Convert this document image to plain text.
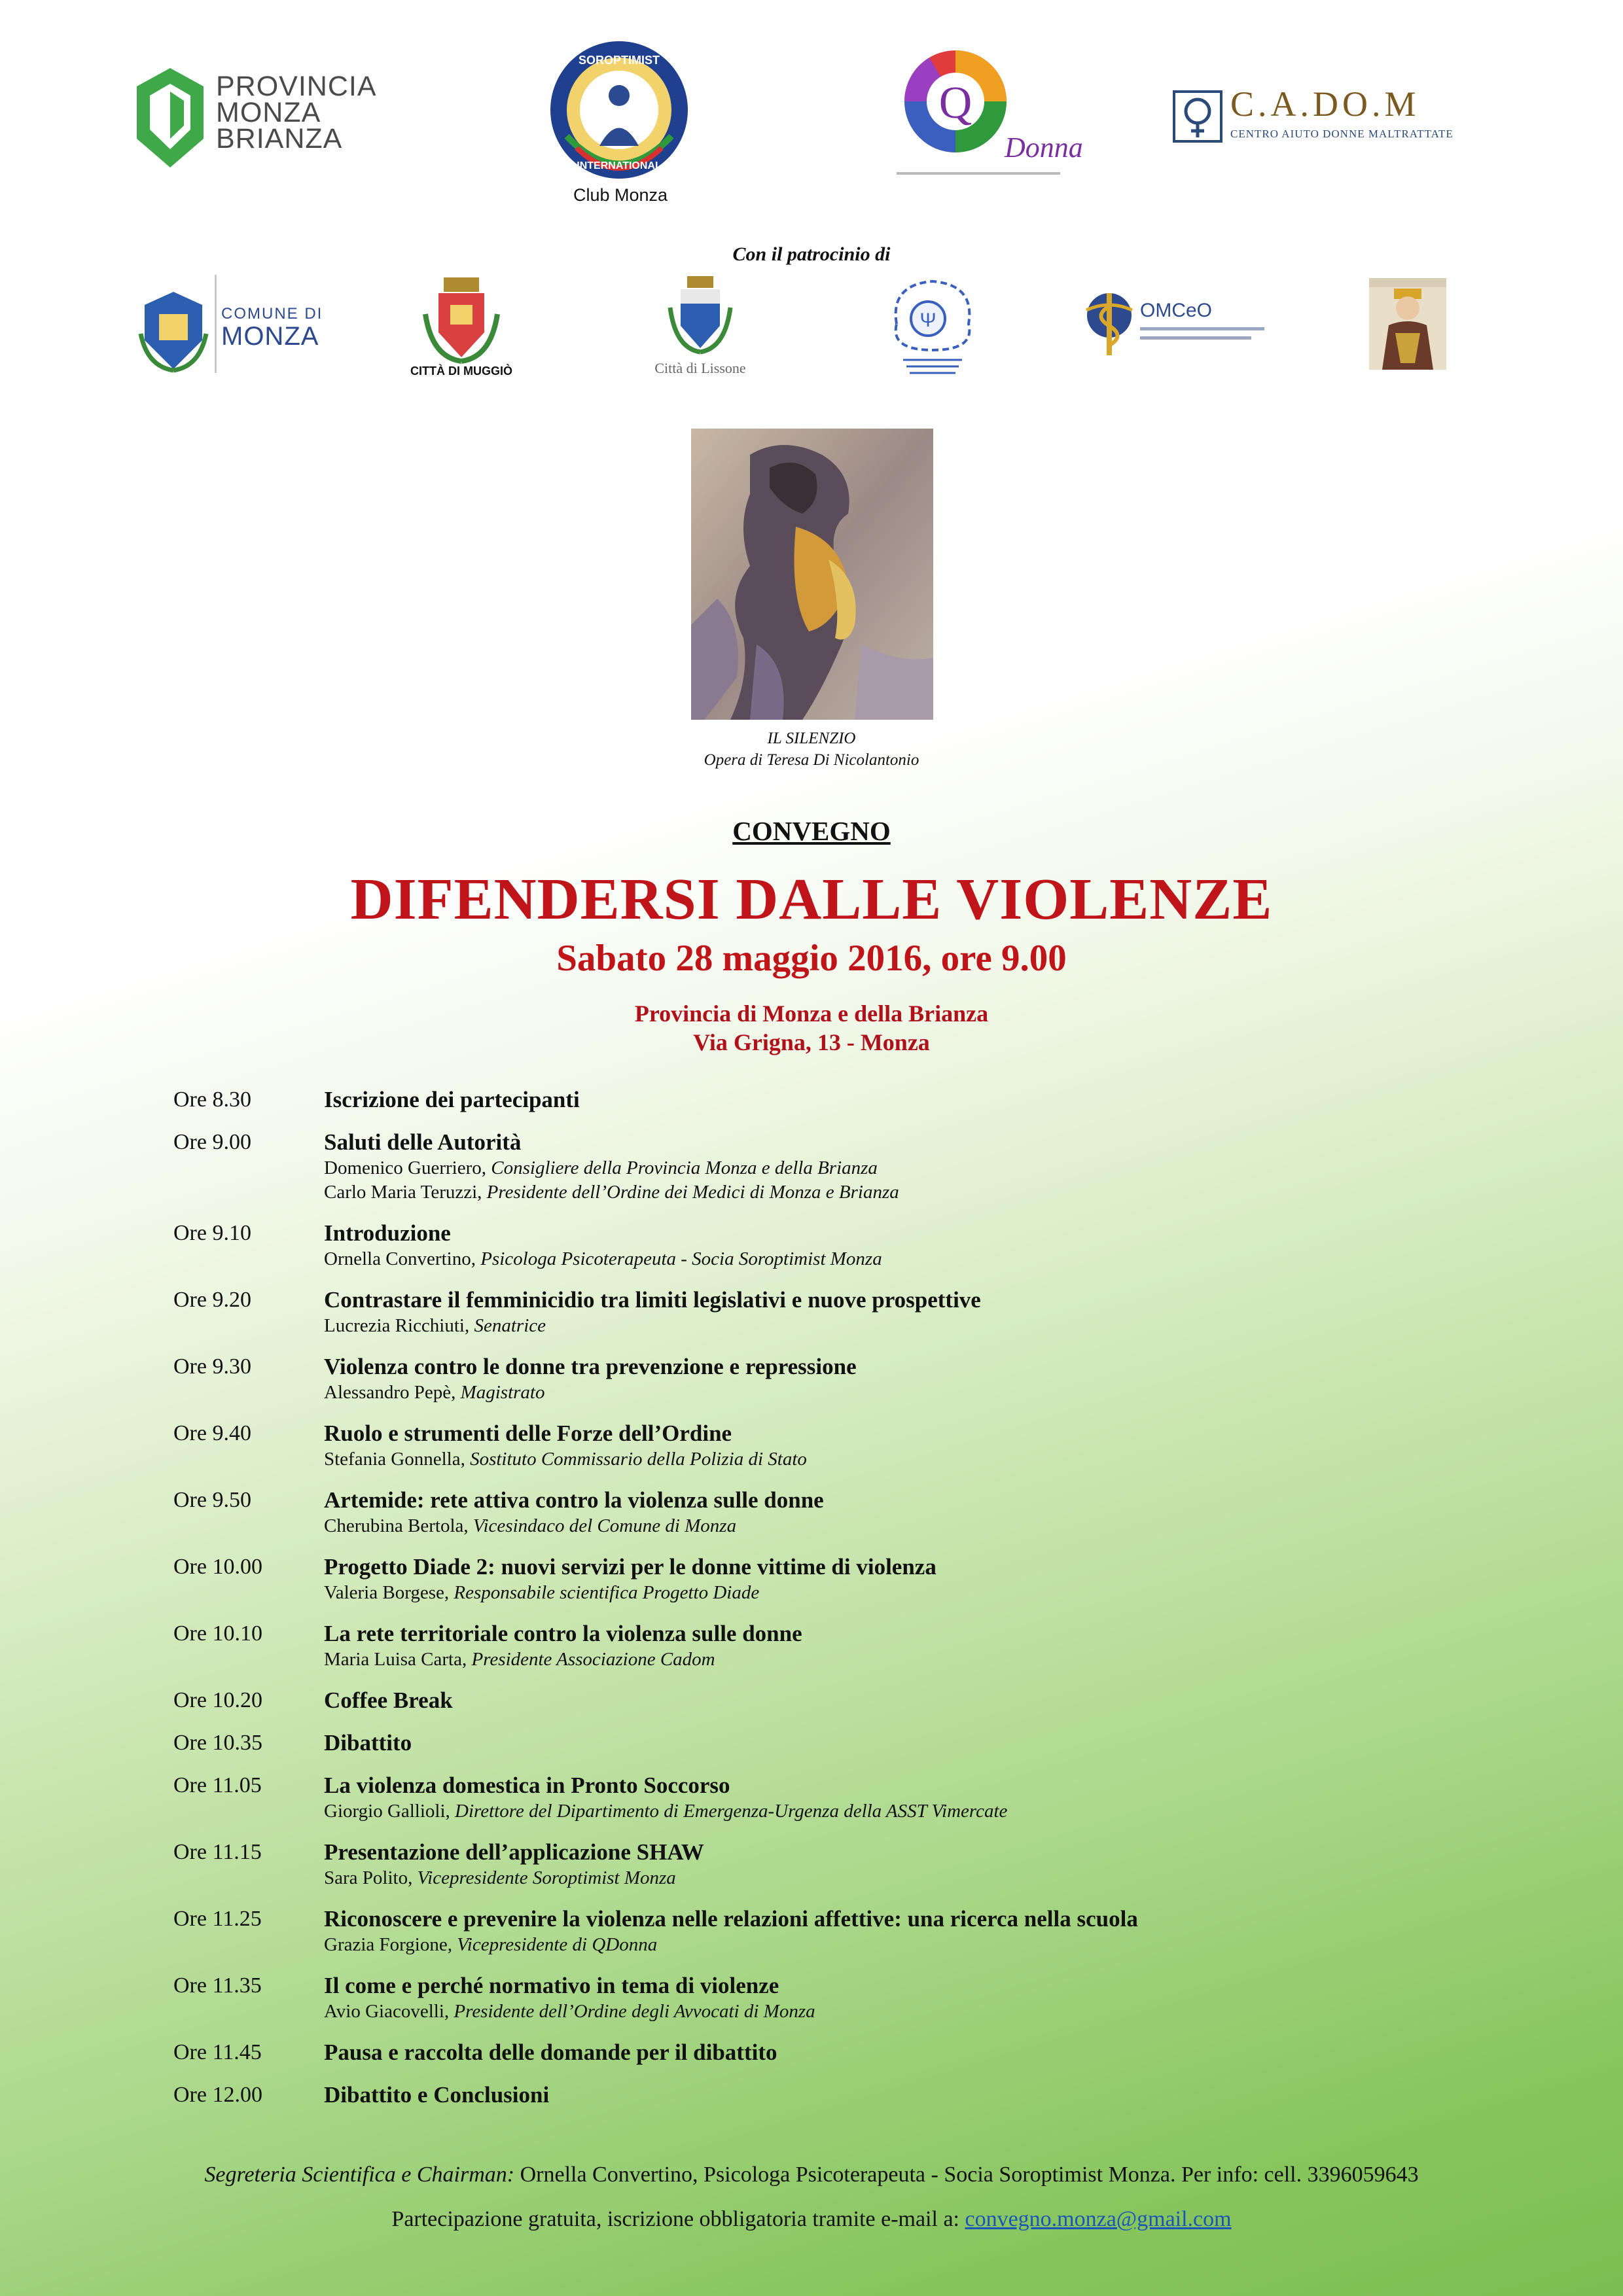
PROVINCIA
MONZA
BRIANZA
SOROPTIMIST
INTERNATIONAL
Club Monza
Q
Donna
C.A.DO.M
CENTRO AIUTO DONNE MALTRATTATE
Con il patrocinio di
COMUNE DI
MONZA
CITTÀ DI MUGGIÒ	Città di Lissone
Ψ	OMCeO
IL SILENZIO
Opera di Teresa Di Nicolantonio
CONVEGNO
DIFENDERSI DALLE VIOLENZE
Sabato 28 maggio 2016, ore 9.00
Provincia di Monza e della Brianza
Via Grigna, 13 - Monza
Ore 8.30	Iscrizione dei partecipanti
Ore 9.00	Saluti delle Autorità
Domenico Guerriero, Consigliere della Provincia Monza e della Brianza
Carlo Maria Teruzzi, Presidente dell’Ordine dei Medici di Monza e Brianza
Ore 9.10	Introduzione
Ornella Convertino, Psicologa Psicoterapeuta - Socia Soroptimist Monza
Ore 9.20	Contrastare il femminicidio tra limiti legislativi e nuove prospettive
Lucrezia Ricchiuti, Senatrice
Ore 9.30	Violenza contro le donne tra prevenzione e repressione
Alessandro Pepè, Magistrato
Ore 9.40	Ruolo e strumenti delle Forze dell’Ordine
Stefania Gonnella, Sostituto Commissario della Polizia di Stato
Ore 9.50	Artemide: rete attiva contro la violenza sulle donne
Cherubina Bertola, Vicesindaco del Comune di Monza
Ore 10.00	Progetto Diade 2: nuovi servizi per le donne vittime di violenza
Valeria Borgese, Responsabile scientifica Progetto Diade
Ore 10.10	La rete territoriale contro la violenza sulle donne
Maria Luisa Carta, Presidente Associazione Cadom
Ore 10.20	Coffee Break
Ore 10.35	Dibattito
Ore 11.05	La violenza domestica in Pronto Soccorso
Giorgio Gallioli, Direttore del Dipartimento di Emergenza-Urgenza della ASST Vimercate
Ore 11.15	Presentazione dell’applicazione SHAW
Sara Polito, Vicepresidente Soroptimist Monza
Ore 11.25	Riconoscere e prevenire la violenza nelle relazioni affettive: una ricerca nella scuola
Grazia Forgione, Vicepresidente di QDonna
Ore 11.35	Il come e perché normativo in tema di violenze
Avio Giacovelli, Presidente dell’Ordine degli Avvocati di Monza
Ore 11.45	Pausa e raccolta delle domande per il dibattito
Ore 12.00	Dibattito e Conclusioni
Segreteria Scientifica e Chairman: Ornella Convertino, Psicologa Psicoterapeuta - Socia Soroptimist Monza. Per info: cell. 3396059643
Partecipazione gratuita, iscrizione obbligatoria tramite e-mail a: convegno.monza@gmail.com
